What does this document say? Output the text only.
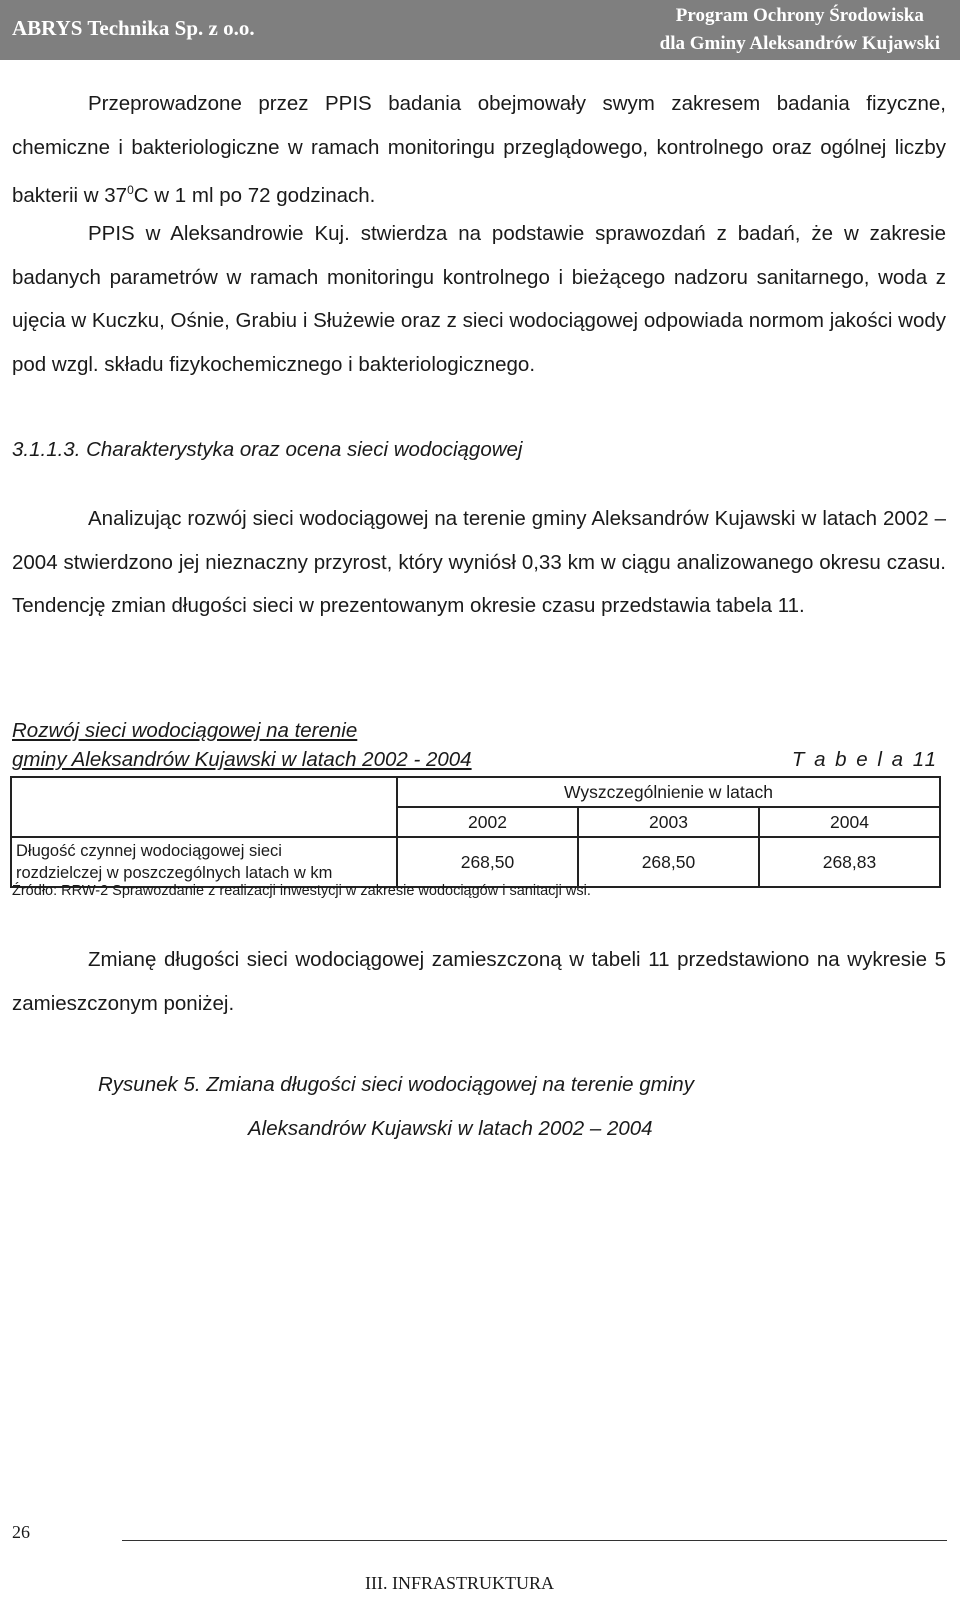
ABRYS Technika Sp. z o.o.
Program Ochrony Środowiska
dla Gminy Aleksandrów Kujawski

Przeprowadzone przez PPIS badania obejmowały swym zakresem badania fizyczne, chemiczne i bakteriologiczne w ramach monitoringu przeglądowego, kontrolnego oraz ogólnej liczby bakterii w $37^0C$ w 1 ml po 72 godzinach.

PPIS w Aleksandrowie Kuj. stwierdza na podstawie sprawozdań z badań, że w zakresie badanych parametrów w ramach monitoringu kontrolnego i bieżącego nadzoru sanitarnego, woda z ujęcia w Kuczku, Ośnie, Grabiu i Służewie oraz z sieci wodociągowej odpowiada normom jakości wody pod wzgl. składu fizykochemicznego i bakteriologicznego.

3.1.1.3. Charakterystyka oraz ocena sieci wodociągowej

Analizując rozwój sieci wodociągowej na terenie gminy Aleksandrów Kujawski w latach 2002 – 2004 stwierdzono jej nieznaczny przyrost, który wyniósł 0,33 km w ciągu analizowanego okresu czasu. Tendencję zmian długości sieci w prezentowanym okresie czasu przedstawia tabela 11.

Rozwój sieci wodociągowej na terenie
gminy Aleksandrów Kujawski w latach 2002 - 2004	T a b e l a 11
	Wyszczególnienie w latach		
	2002	2003	2004

Długość czynnej wodociągowej sieci
rozdzielczej w poszczególnych latach w km	268,50	268,50	268,83
Źródło: RRW-2 Sprawozdanie z realizacji inwestycji w zakresie wodociągów i sanitacji wsi.

Zmianę długości sieci wodociągowej zamieszczoną w tabeli 11 przedstawiono na wykresie 5 zamieszczonym poniżej.

Rysunek 5. Zmiana długości sieci wodociągowej na terenie gminy
Aleksandrów Kujawski w latach 2002 – 2004
26
III. INFRASTRUKTURA
